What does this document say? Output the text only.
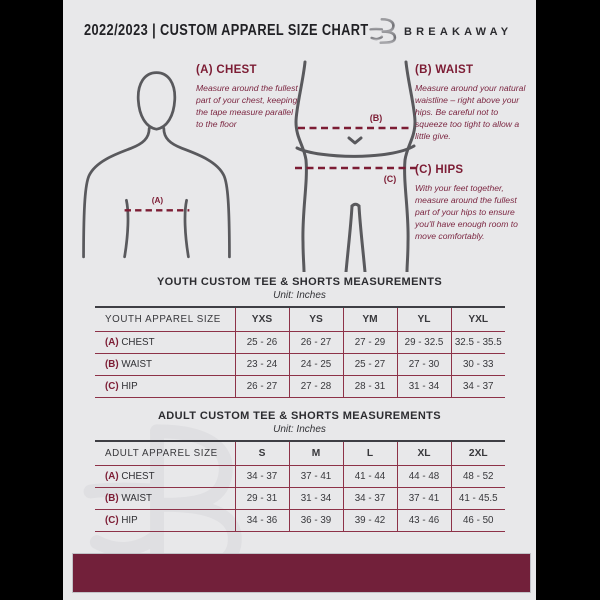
2022/2023 | CUSTOM APPAREL SIZE CHART	BREAKAWAY
(A)
(A) CHEST
Measure around the fullest part of your chest, keeping the tape measure parallel to the floor
(B)
(C)
(B) WAIST
Measure around your natural waistline – right above your hips. Be careful not to squeeze too tight to allow a little give.
(C) HIPS
With your feet together, measure around the fullest part of your hips to ensure you'll have enough room to move comfortably.
YOUTH CUSTOM TEE & SHORTS MEASUREMENTS
Unit: Inches
YOUTH APPAREL SIZE	YXS	YS	YM	YL	YXL
(A) CHEST	25 - 26	26 - 27	27 - 29	29 - 32.5	32.5 - 35.5
(B) WAIST	23 - 24	24 - 25	25 - 27	27 - 30	30 - 33
(C) HIP	26 - 27	27 - 28	28 - 31	31 - 34	34 - 37
ADULT CUSTOM TEE & SHORTS MEASUREMENTS
Unit: Inches
ADULT APPAREL SIZE	S	M	L	XL	2XL
(A) CHEST	34 - 37	37 - 41	41 - 44	44 - 48	48 - 52
(B) WAIST	29 - 31	31 - 34	34 - 37	37 - 41	41 - 45.5
(C) HIP	34 - 36	36 - 39	39 - 42	43 - 46	46 - 50
